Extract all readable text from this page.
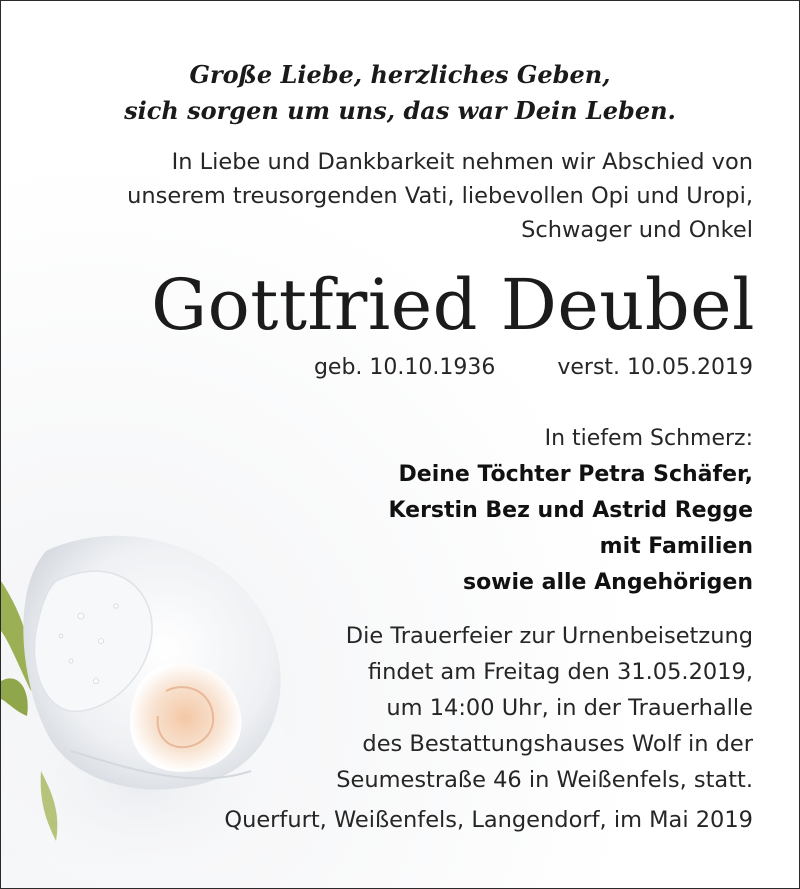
Große Liebe, herzliches Geben,
sich sorgen um uns, das war Dein Leben.
In Liebe und Dankbarkeit nehmen wir Abschied von
unserem treusorgenden Vati, liebevollen Opi und Uropi,
Schwager und Onkel
Gottfried Deubel
geb. 10.10.1936	verst. 10.05.2019
In tiefem Schmerz:
Deine Töchter Petra Schäfer,
Kerstin Bez und Astrid Regge
mit Familien
sowie alle Angehörigen
Die Trauerfeier zur Urnenbeisetzung
findet am Freitag den 31.05.2019,
um 14:00 Uhr, in der Trauerhalle
des Bestattungshauses Wolf in der
Seumestraße 46 in Weißenfels, statt.
Querfurt, Weißenfels, Langendorf, im Mai 2019
